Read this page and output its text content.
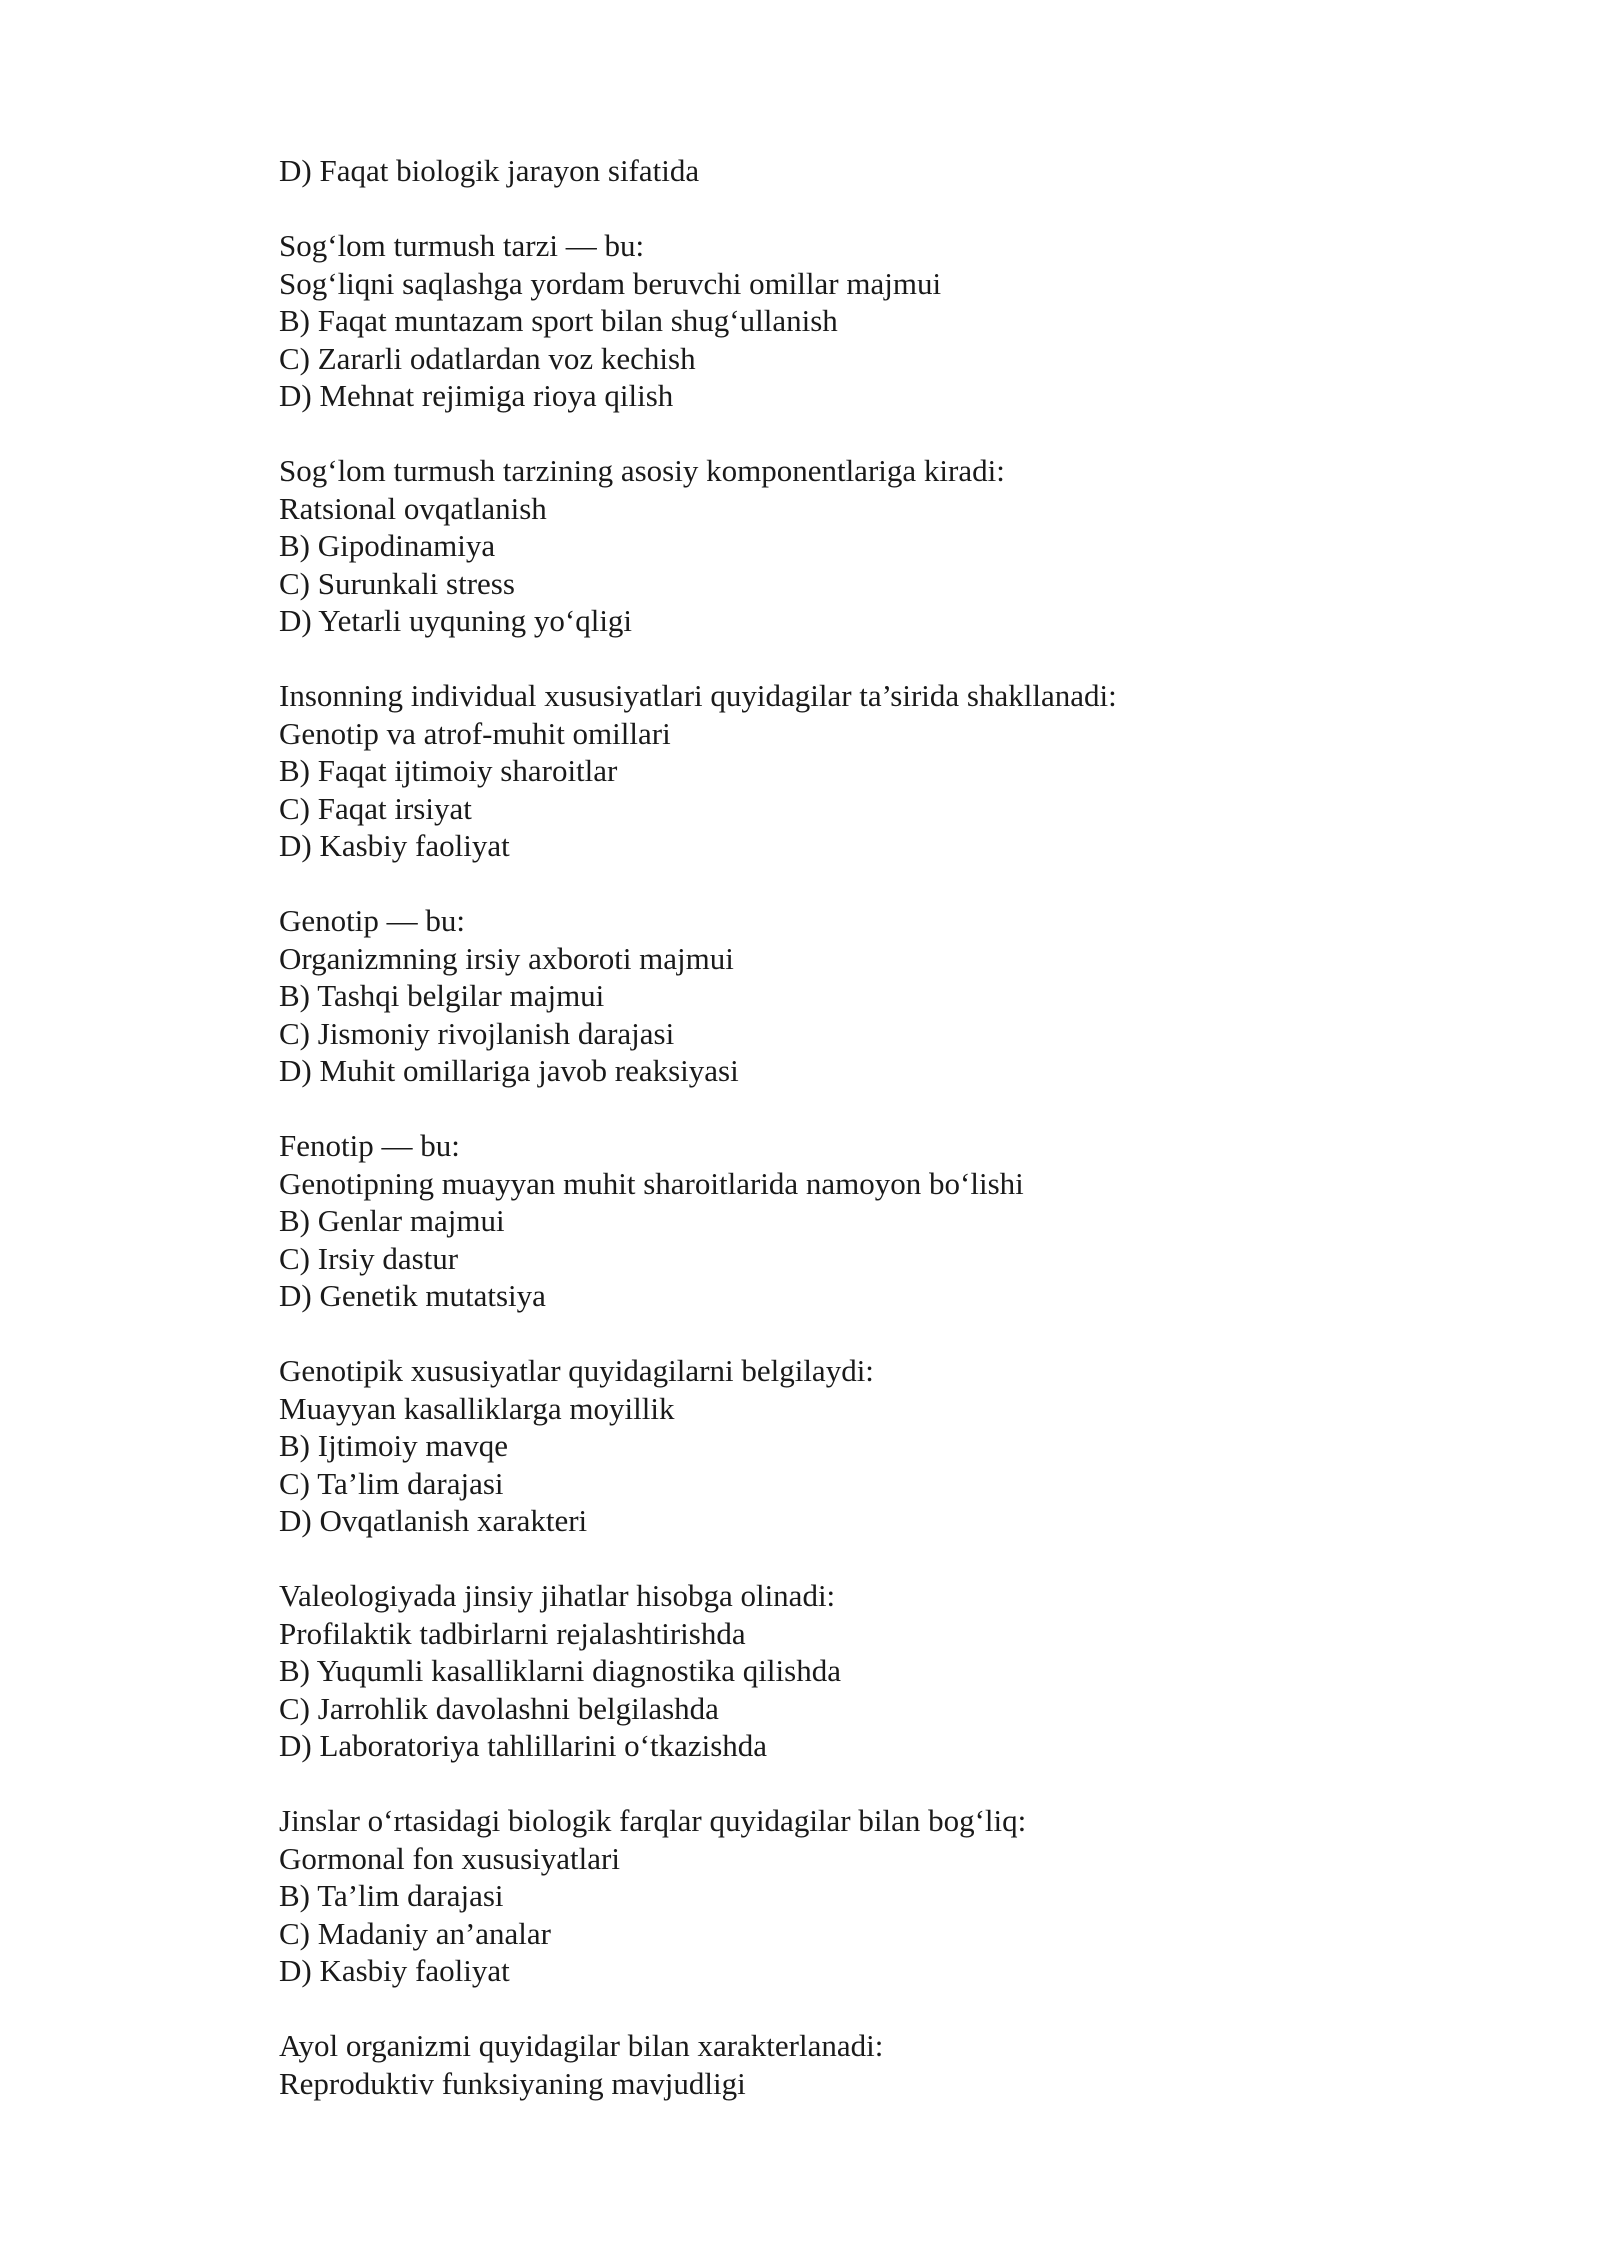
D) Faqat biologik jarayon sifatida
Sog‘lom turmush tarzi — bu:
Sog‘liqni saqlashga yordam beruvchi omillar majmui
B) Faqat muntazam sport bilan shug‘ullanish
C) Zararli odatlardan voz kechish
D) Mehnat rejimiga rioya qilish
Sog‘lom turmush tarzining asosiy komponentlariga kiradi:
Ratsional ovqatlanish
B) Gipodinamiya
C) Surunkali stress
D) Yetarli uyquning yo‘qligi
Insonning individual xususiyatlari quyidagilar ta’sirida shakllanadi:
Genotip va atrof-muhit omillari
B) Faqat ijtimoiy sharoitlar
C) Faqat irsiyat
D) Kasbiy faoliyat
Genotip — bu:
Organizmning irsiy axboroti majmui
B) Tashqi belgilar majmui
C) Jismoniy rivojlanish darajasi
D) Muhit omillariga javob reaksiyasi
Fenotip — bu:
Genotipning muayyan muhit sharoitlarida namoyon bo‘lishi
B) Genlar majmui
C) Irsiy dastur
D) Genetik mutatsiya
Genotipik xususiyatlar quyidagilarni belgilaydi:
Muayyan kasalliklarga moyillik
B) Ijtimoiy mavqe
C) Ta’lim darajasi
D) Ovqatlanish xarakteri
Valeologiyada jinsiy jihatlar hisobga olinadi:
Profilaktik tadbirlarni rejalashtirishda
B) Yuqumli kasalliklarni diagnostika qilishda
C) Jarrohlik davolashni belgilashda
D) Laboratoriya tahlillarini o‘tkazishda
Jinslar o‘rtasidagi biologik farqlar quyidagilar bilan bog‘liq:
Gormonal fon xususiyatlari
B) Ta’lim darajasi
C) Madaniy an’analar
D) Kasbiy faoliyat
Ayol organizmi quyidagilar bilan xarakterlanadi:
Reproduktiv funksiyaning mavjudligi
